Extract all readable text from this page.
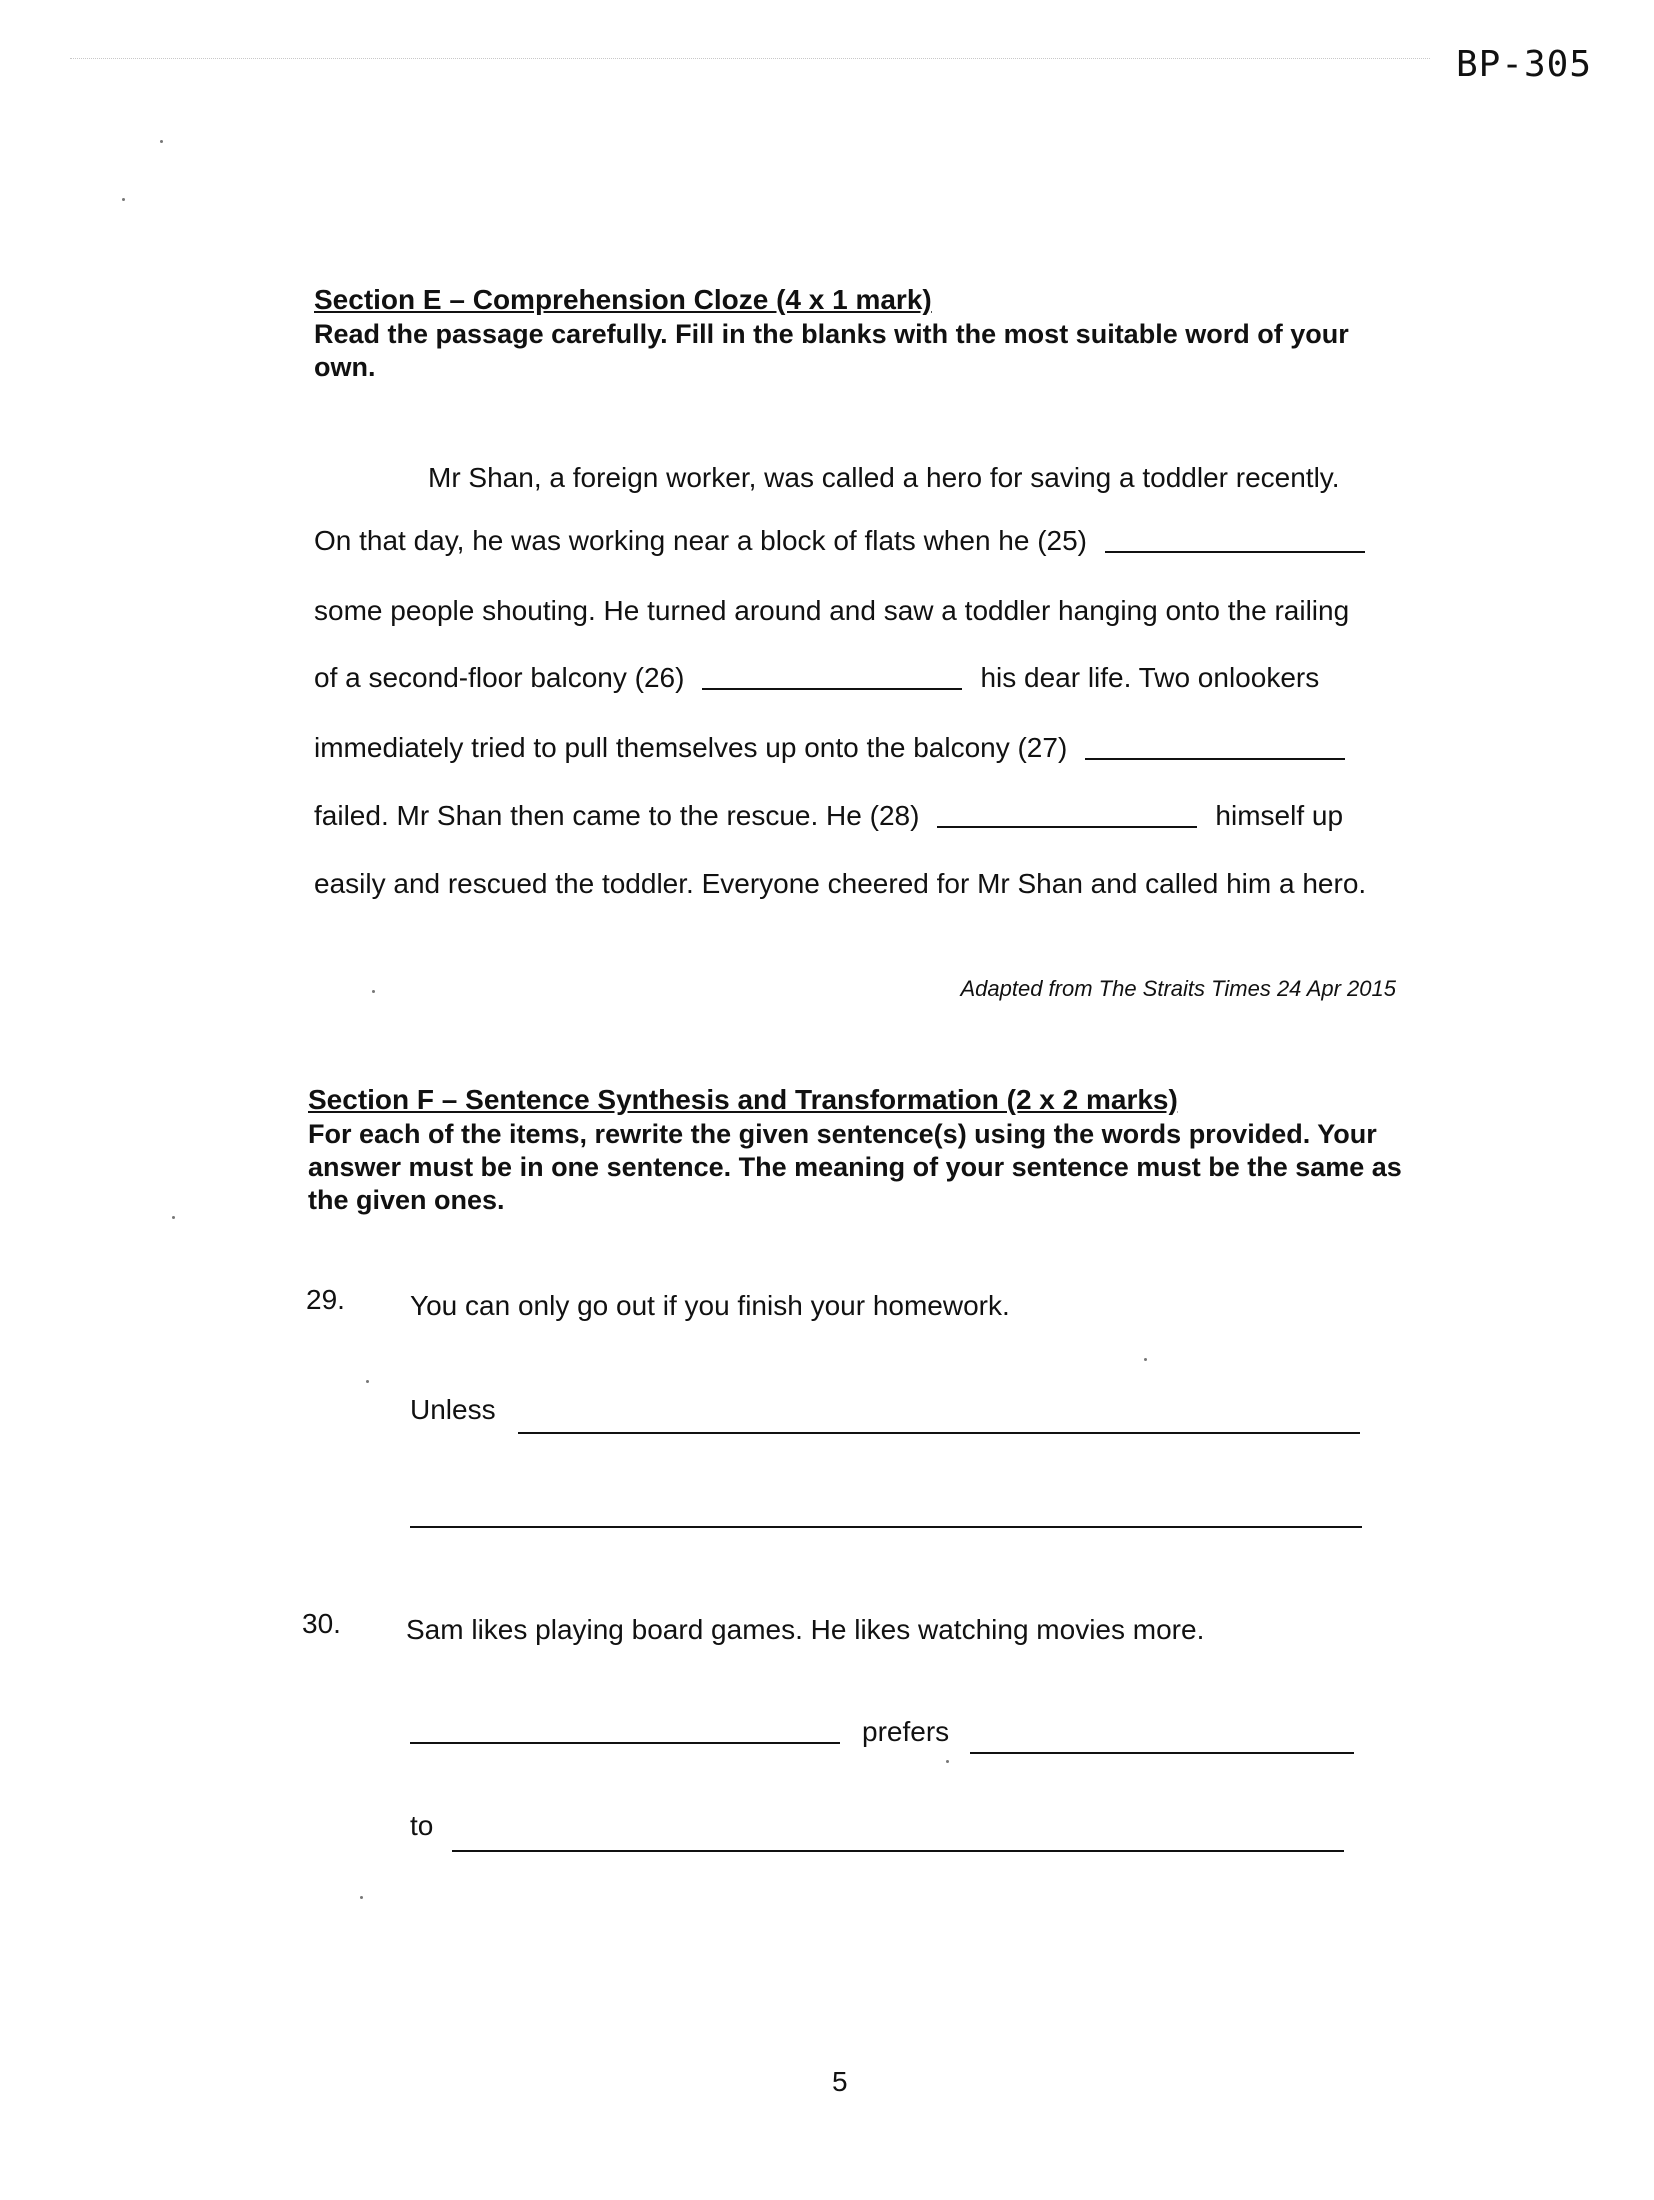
BP-305
Section E – Comprehension Cloze (4 x 1 mark)
Read the passage carefully. Fill in the blanks with the most suitable word of your own.
Mr Shan, a foreign worker, was called a hero for saving a toddler recently.
On that day, he was working near a block of flats when he (25)
some people shouting. He turned around and saw a toddler hanging onto the railing
of a second-floor balcony (26)	his dear life. Two onlookers
immediately tried to pull themselves up onto the balcony (27)
failed. Mr Shan then came to the rescue. He (28)	himself up
easily and rescued the toddler. Everyone cheered for Mr Shan and called him a hero.
Adapted from The Straits Times 24 Apr 2015
Section F – Sentence Synthesis and Transformation (2 x 2 marks)
For each of the items, rewrite the given sentence(s) using the words provided. Your answer must be in one sentence. The meaning of your sentence must be the same as the given ones.
29. You can only go out if you finish your homework.
Unless
30. Sam likes playing board games. He likes watching movies more.
prefers
to
5
